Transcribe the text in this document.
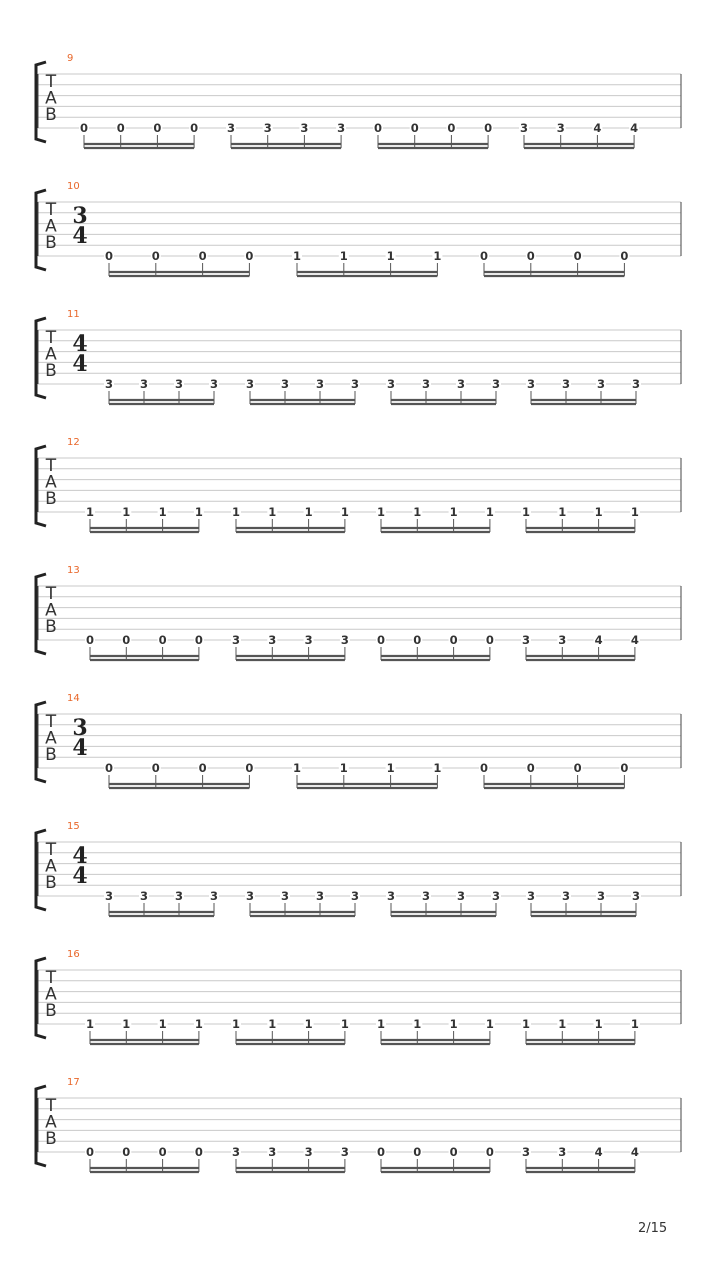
9
T
A
B
0 0 0 0	3 3 3 3	0 0 0 0 3 3 4 4
10
T
A
B
3
4
0	0	0	0	1	1	1	1	0	0	0	0
11
T
A
B
4
4
3 3 3 3 3 3 3 3 3 3 3 3 3 3 3 3
12
T
A
B
1 1 1 1	1 1 1 1 1 1 1 1 1 1 1 1
13
T
A
B
0 0 0 0	3 3 3 3 0 0 0 0 3 3 4 4
14
T
A
B
3
4
0	0	0	0	1	1	1	1	0	0	0	0
15
T
A
B
4
4
3 3 3 3 3 3 3 3 3 3 3 3 3 3 3 3
16
T
A
B
1 1 1 1	1 1 1 1 1 1 1 1 1 1 1 1
17
T
A
B
0 0 0 0	3 3 3 3 0 0 0 0 3 3 4 4
2/15
